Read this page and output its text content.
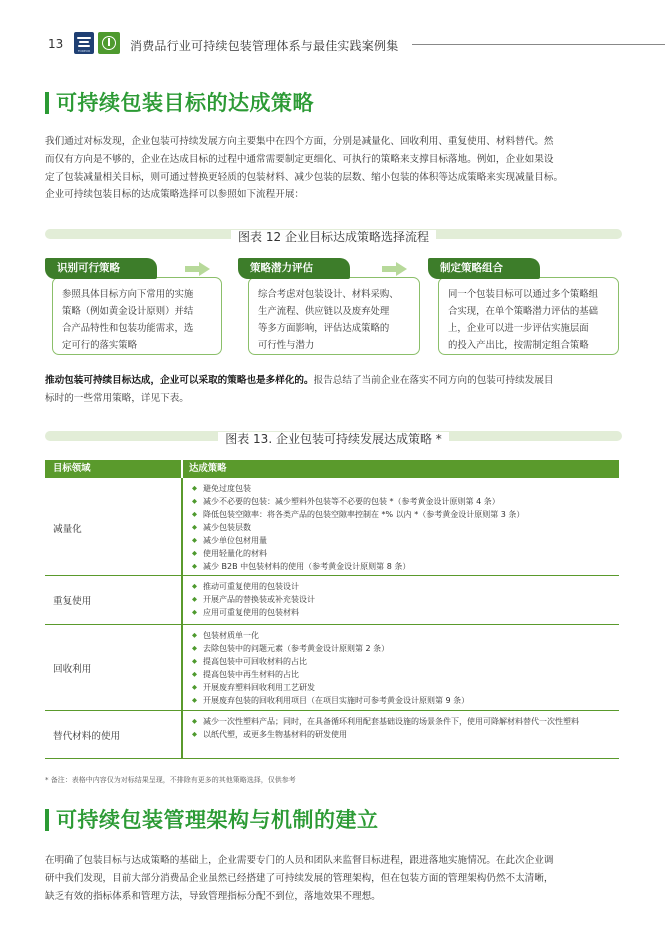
13	FOREUR	消费品行业可持续包装管理体系与最佳实践案例集
可持续包装目标的达成策略
我们通过对标发现，企业包装可持续发展方向主要集中在四个方面，分别是减量化、回收利用、重复使用、材料替代。然
而仅有方向是不够的，企业在达成目标的过程中通常需要制定更细化、可执行的策略来支撑目标落地。例如，企业如果设
定了包装减量相关目标，则可通过替换更轻质的包装材料、减少包装的层数、缩小包装的体积等达成策略来实现减量目标。
企业可持续包装目标的达成策略选择可以参照如下流程开展：
图表 12 企业目标达成策略选择流程
参照具体目标方向下常用的实施
策略（例如黄金设计原则）并结
合产品特性和包装功能需求，选
定可行的落实策略
识别可行策略
综合考虑对包装设计、材料采购、
生产流程、供应链以及废弃处理
等多方面影响，评估达成策略的
可行性与潜力
策略潜力评估
同一个包装目标可以通过多个策略组
合实现，在单个策略潜力评估的基础
上，企业可以进一步评估实施层面
的投入产出比，按需制定组合策略
制定策略组合
推动包装可持续目标达成，企业可以采取的策略也是多样化的。报告总结了当前企业在落实不同方向的包装可持续发展目
标时的一些常用策略，详见下表。
图表 13. 企业包装可持续发展达成策略 *
目标领域	达成策略
减量化
◆ 避免过度包装
◆ 减少不必要的包装：减少塑料外包装等不必要的包装 *（参考黄金设计原则第 4 条）
◆ 降低包装空隙率：将各类产品的包装空隙率控制在 *% 以内 *（参考黄金设计原则第 3 条）
◆ 减少包装层数
◆ 减少单位包材用量
◆ 使用轻量化的材料
◆ 减少 B2B 中包装材料的使用（参考黄金设计原则第 8 条）
重复使用
◆ 推动可重复使用的包装设计
◆ 开展产品的替换装或补充装设计
◆ 应用可重复使用的包装材料
回收利用
◆ 包装材质单一化
◆ 去除包装中的问题元素（参考黄金设计原则第 2 条）
◆ 提高包装中可回收材料的占比
◆ 提高包装中再生材料的占比
◆ 开展废弃塑料回收利用工艺研发
◆ 开展废弃包装的回收利用项目（在项目实施时可参考黄金设计原则第 9 条）
替代材料的使用
◆ 减少一次性塑料产品；同时，在具备循环利用配套基础设施的场景条件下，使用可降解材料替代一次性塑料
◆ 以纸代塑，或更多生物基材料的研发使用
* 备注：表格中内容仅为对标结果呈现，不排除有更多的其他策略选择，仅供参考
可持续包装管理架构与机制的建立
在明确了包装目标与达成策略的基础上，企业需要专门的人员和团队来监督目标进程，跟进落地实施情况。在此次企业调
研中我们发现，目前大部分消费品企业虽然已经搭建了可持续发展的管理架构，但在包装方面的管理架构仍然不太清晰，
缺乏有效的指标体系和管理方法，导致管理指标分配不到位，落地效果不理想。
